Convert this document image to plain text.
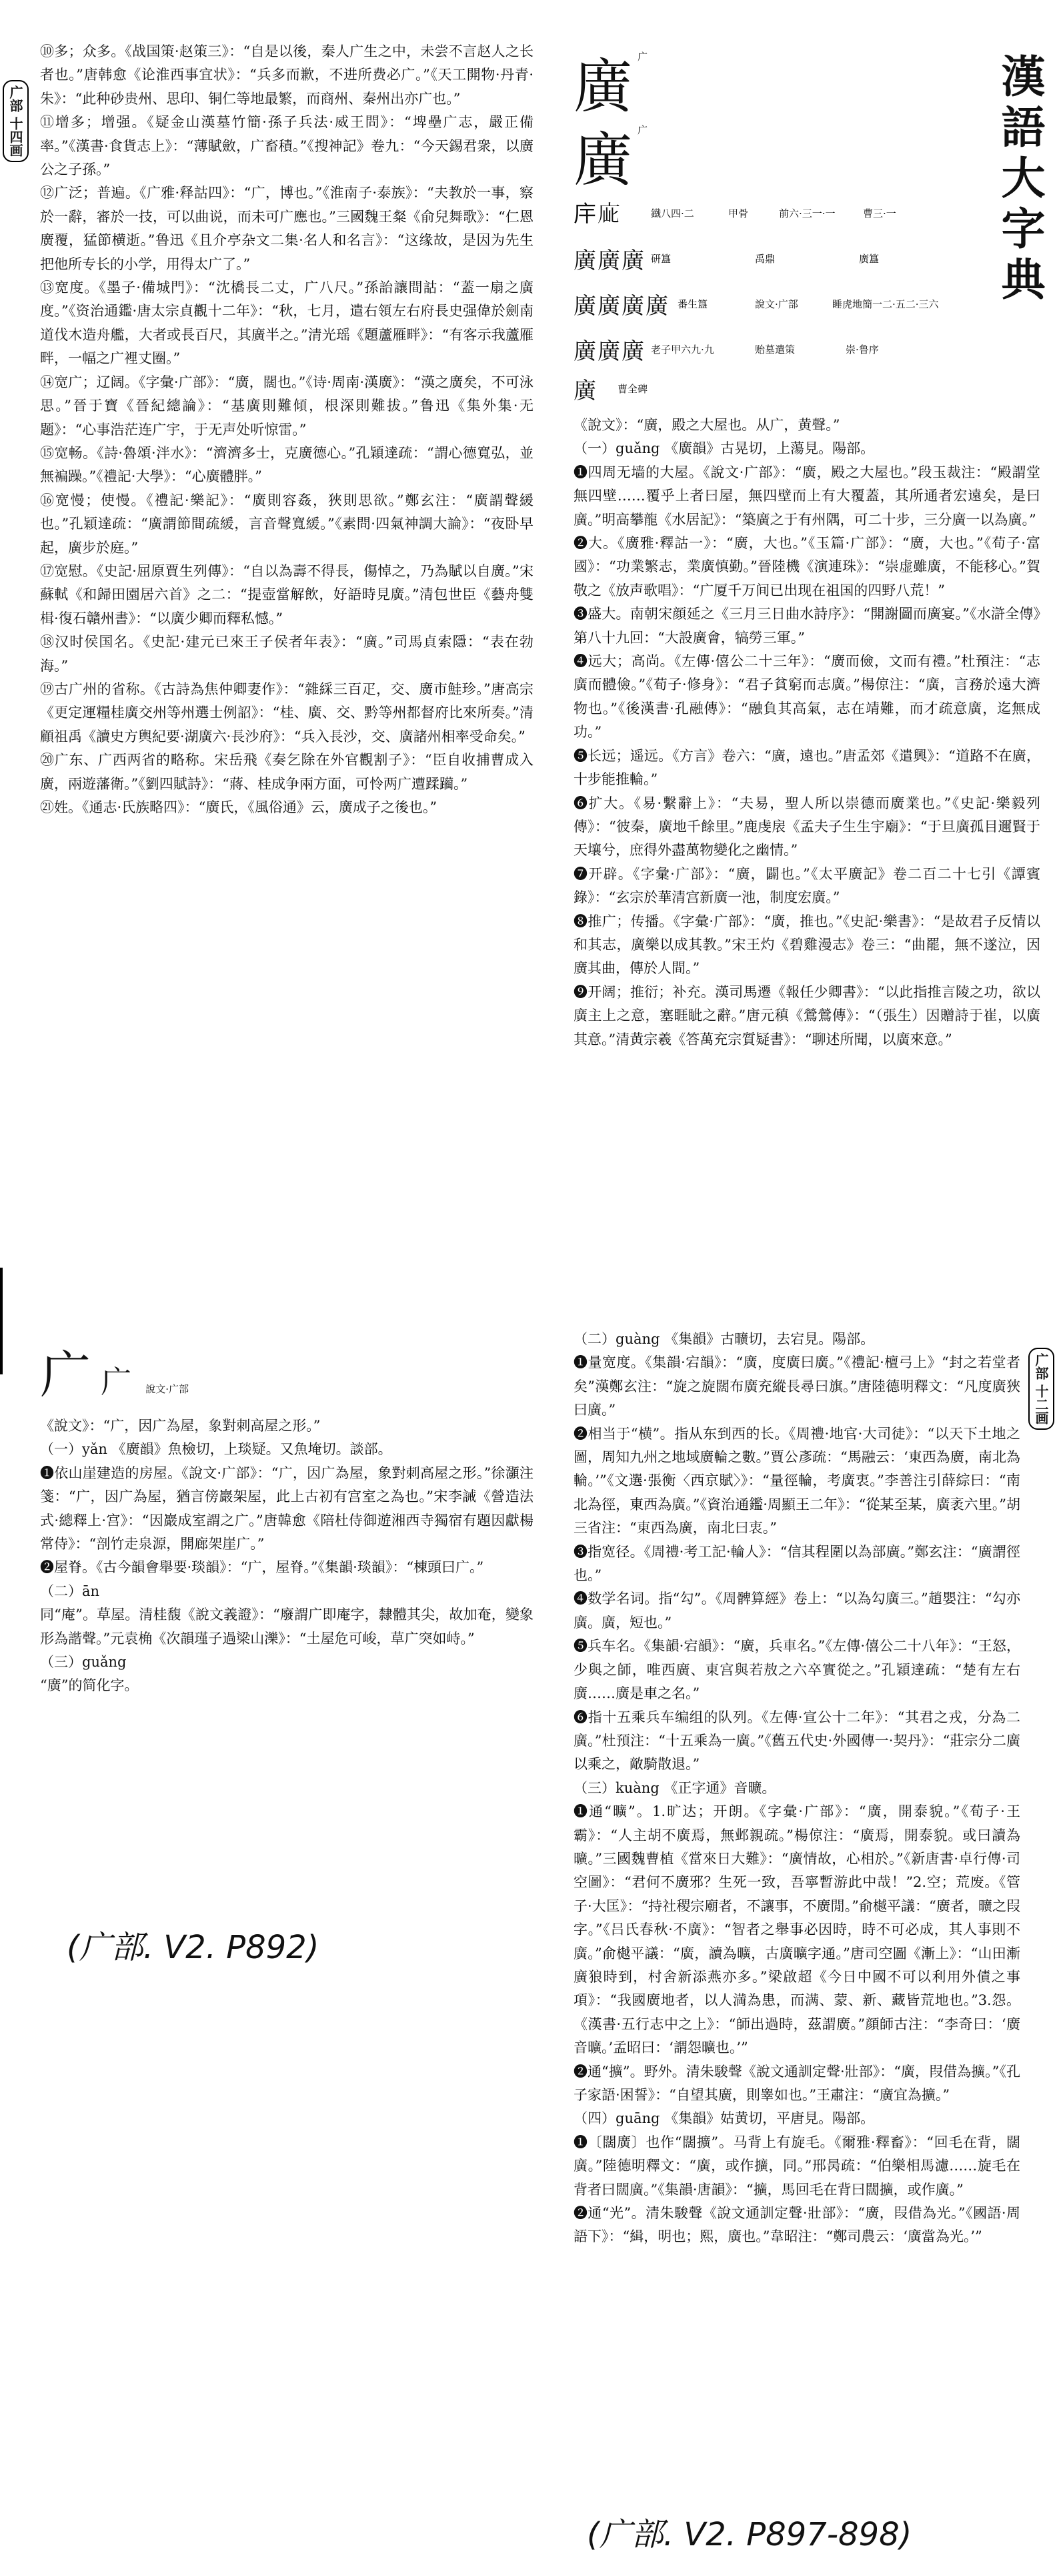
广部 十四画

⑩多；众多。《战国策·赵策三》：“自是以後，秦人广生之中，未尝不言赵人之长者也。”唐韩愈《论淮西事宜状》：“兵多而歉，不进所费必广。”《天工開物·丹青·朱》：“此种砂贵州、思印、铜仁等地最繁，而商州、秦州出亦广也。”

⑪增多；增强。《疑金山漢墓竹簡·孫子兵法·威王問》：“埤壘广志，嚴正備率。”《漢書·食貨志上》：“薄賦斂，广畜積。”《搜神記》卷九：“今天錫君衆，以廣公之子孫。”

⑫广泛；普遍。《广雅·释詁四》：“广，博也。”《淮南子·泰族》：“夫教於一事，察於一辭，審於一技，可以曲说，而未可广應也。”三國魏王粲《俞兒舞歌》：“仁恩廣覆，猛節横逝。”鲁迅《且介亭杂文二集·名人和名言》：“这缘故，是因为先生把他所专长的小学，用得太广了。”

⑬宽度。《墨子·備城門》：“沈橋長二丈，广八尺。”孫詒讓間詁：“蓋一扇之廣度。”《资治通鑑·唐太宗貞觀十二年》：“秋，七月，遣右領左右府長史强偉於劍南道伐木造舟艦，大者或長百尺，其廣半之。”清光瑶《題蘆雁畔》：“有客示我蘆雁畔，一幅之广裡丈圈。”

⑭宽广；辽阔。《字彙·广部》：“廣，闊也。”《诗·周南·漢廣》：“漢之廣矣，不可泳思。”晉于寶《晉紀總論》：“基廣則難傾，根深則難拔。”鲁迅《集外集·无题》：“心事浩茫连广宇，于无声处听惊雷。”

⑮宽畅。《詩·魯頌·泮水》：“濟濟多士，克廣德心。”孔穎達疏：“謂心德寬弘，並無褊躁。”《禮記·大學》：“心廣體胖。”

⑯宽慢；使慢。《禮記·樂記》：“廣則容姦，狹則思欲。”鄭玄注：“廣謂聲緩也。”孔穎達疏：“廣謂節間疏緩，言音聲寬緩。”《素問·四氣神調大論》：“夜卧早起，廣步於庭。”

⑰宽慰。《史記·屈原賈生列傳》：“自以為壽不得長，傷悼之，乃為賦以自廣。”宋蘇軾《和歸田園居六首》之二：“提壺當解飲，好語時見廣。”清包世臣《藝舟雙楫·復石贛州書》：“以廣少卿而釋私憾。”

⑱汉时侯国名。《史記·建元已來王子侯者年表》：“廣。”司馬貞索隱：“表在勃海。”

⑲古广州的省称。《古詩為焦仲卿妻作》：“雜綵三百疋，交、廣市鮭珍。”唐高宗《更定運糧桂廣交州等州選士例詔》：“桂、廣、交、黔等州都督府比來所奏。”清顧祖禹《讀史方輿紀要·湖廣六·長沙府》：“兵入長沙，交、廣諸州相率受命矣。”

⑳广东、广西两省的略称。宋岳飛《奏乞除在外官觀割子》：“臣自收捕曹成入廣，兩遊藩衛。”《劉四賦詩》：“蔣、桂成争兩方面，可怜两广遭蹂躏。”

㉑姓。《通志·氏族略四》：“廣氏，《風俗通》云，廣成子之後也。”

漢語大字典
廣 广
廣 广
𢇛𢈃	鐵八四·二	甲骨	前六·三一·一	曹三·一
廣廣廣 研簋	禹鼎	廣簋
廣廣廣廣 番生簋	說文·广部	睡虎地簡一二·五二·三六
廣廣廣 老子甲六九·九	贻墓遣策	崇·鲁序
廣	曹全碑

《說文》：“廣，殿之大屋也。从广，黄聲。”

（一）guǎng 《廣韻》古晃切，上蕩見。陽部。

❶四周无墙的大屋。《說文·广部》：“廣，殿之大屋也。”段玉裁注：“殿謂堂無四壁……覆乎上者曰屋，無四壁而上有大覆蓋，其所通者宏遠矣，是曰廣。”明高攀龍《水居記》：“築廣之于有州隅，可二十步，三分廣一以為廣。”

❷大。《廣雅·釋詁一》：“廣，大也。”《玉篇·广部》：“廣，大也。”《荀子·富國》：“功業繁志，業廣慎勤。”晉陸機《演連珠》：“崇虚雖廣，不能移心。”賀敬之《放声歌唱》：“广厦千万间已出现在祖国的四野八荒！”

❸盛大。南朝宋顔延之《三月三日曲水詩序》：“開謝圖而廣宴。”《水滸全傳》第八十九回：“大設廣會，犒勞三軍。”

❹远大；高尚。《左傳·僖公二十三年》：“廣而儉，文而有禮。”杜預注：“志廣而體儉。”《荀子·修身》：“君子貧窮而志廣。”楊倞注：“廣，言務於遠大濟物也。”《後漢書·孔融傳》：“融負其高氣，志在靖難，而才疏意廣，迄無成功。”

❺长远；遥远。《方言》卷六：“廣，遠也。”唐孟郊《遣興》：“道路不在廣，十步能推輪。”

❻扩大。《易·繫辭上》：“夫易，聖人所以崇德而廣業也。”《史記·樂毅列傳》：“彼秦，廣地千餘里。”鹿虔扆《孟夫子生生宇廟》：“于旦廣孤目邇賢于天壤兮，庶得外盡萬物變化之幽情。”

❼开辟。《字彙·广部》：“廣，闢也。”《太平廣記》卷二百二十七引《譚賓錄》：“玄宗於華清宫新廣一池，制度宏廣。”

❽推广；传播。《字彙·广部》：“廣，推也。”《史記·樂書》：“是故君子反情以和其志，廣樂以成其教。”宋王灼《碧雞漫志》卷三：“曲罷，無不遂泣，因廣其曲，傳於人間。”

❾开阔；推衍；补充。漢司馬遷《報任少卿書》：“以此指推言陵之功，欲以廣主上之意，塞睚眦之辭。”唐元稹《鶯鶯傳》：“（張生）因贈詩于崔，以廣其意。”清黄宗羲《答萬充宗質疑書》：“聊述所聞，以廣來意。”

广 广 說文·广部

《說文》：“广，因广為屋，象對刺高屋之形。”

（一）yǎn 《廣韻》魚檢切，上琰疑。又魚埯切。談部。

❶依山崖建造的房屋。《說文·广部》：“广，因广為屋，象對刺高屋之形。”徐灝注箋：“广，因广為屋，猶言傍巖架屋，此上古初有宫室之為也。”宋李誡《營造法式·總釋上·宫》：“因巖成室謂之广。”唐韓愈《陪杜侍御遊湘西寺獨宿有題因獻楊常侍》：“剖竹走泉源，開廊架崖广。”

❷屋脊。《古今韻會舉要·琰韻》：“广，屋脊。”《集韻·琰韻》：“棟頭曰广。”

（二）ān

同“庵”。草屋。清桂馥《說文義證》：“廢謂广即庵字，隸體其尖，故加奄，變象形為諧聲。”元袁桷《次韻瑾子過梁山濼》：“土屋危可峻，草广突如峙。”

（三）guǎng

“廣”的简化字。

(广部. V2. P892)
广部 十二画

（二）guàng 《集韻》古曠切，去宕見。陽部。

❶量宽度。《集韻·宕韻》：“廣，度廣曰廣。”《禮記·檀弓上》“封之若堂者矣”漢鄭玄注：“旋之旋闊布廣充縱長尋曰旗。”唐陸德明釋文：“凡度廣狹曰廣。”

❷相当于“横”。指从东到西的长。《周禮·地官·大司徒》：“以天下土地之圖，周知九州之地域廣輪之數。”賈公彥疏：“馬融云：‘東西為廣，南北為輪。’”《文選·張衡〈西京賦〉》：“量徑輪，考廣衷。”李善注引薛綜曰：“南北為徑，東西為廣。”《資治通鑑·周顯王二年》：“從某至某，廣袤六里。”胡三省注：“東西為廣，南北曰衷。”

❸指宽径。《周禮·考工記·輪人》：“信其程圍以為部廣。”鄭玄注：“廣謂徑也。”

❹数学名词。指“勾”。《周髀算經》卷上：“以為勾廣三。”趙嬰注：“勾亦廣。廣，短也。”

❺兵车名。《集韻·宕韻》：“廣，兵車名。”《左傳·僖公二十八年》：“王怒，少與之師，唯西廣、東宫與若敖之六卒實從之。”孔穎達疏：“楚有左右廣……廣是車之名。”

❻指十五乘兵车编组的队列。《左傳·宣公十二年》：“其君之戎，分為二廣。”杜預注：“十五乘為一廣。”《舊五代史·外國傳一·契丹》：“莊宗分二廣以乘之，敵騎散退。”

（三）kuàng 《正字通》音曠。

❶通“曠”。1.旷达；开朗。《字彙·广部》：“廣，開泰貌。”《荀子·王霸》：“人主胡不廣焉，無邺親疏。”楊倞注：“廣焉，開泰貌。或曰讀為曠。”三國魏曹植《當來日大難》：“廣情故，心相於。”《新唐書·卓行傳·司空圖》：“君何不廣邪？生死一致，吾寧暫游此中哉！”2.空；荒废。《管子·大匡》：“持社稷宗廟者，不讓事，不廣閒。”俞樾平議：“廣者，曠之叚字。”《吕氏春秋·不廣》：“智者之舉事必因時，時不可必成，其人事則不廣。”俞樾平議：“廣，讀為曠，古廣曠字通。”唐司空圖《漸上》：“山田漸廣狼時到，村舍新添燕亦多。”梁啟超《今日中國不可以利用外債之事項》：“我國廣地者，以人満為患，而满、蒙、新、藏皆荒地也。”3.怨。《漢書·五行志中之上》：“師出過時，茲謂廣。”顔師古注：“李奇曰：‘廣音曠。’孟昭曰：‘謂怨曠也。’”

❷通“擴”。野外。清朱駿聲《說文通訓定聲·壯部》：“廣，叚借為擴。”《孔子家語·困誓》：“自望其廣，則睾如也。”王肅注：“廣宜為擴。”

（四）guāng 《集韻》姑黄切，平唐見。陽部。

❶〔闊廣〕也作“闊擴”。马背上有旋毛。《爾雅·釋畜》：“回毛在背，闊廣。”陸德明釋文：“廣，或作擴，同。”邢昺疏：“伯樂相馬濾……旋毛在背者曰闊廣。”《集韻·唐韻》：“擴，馬回毛在背曰闊擴，或作廣。”

❷通“光”。清朱駿聲《說文通訓定聲·壯部》：“廣，叚借為光。”《國語·周語下》：“緝，明也；熙，廣也。”韋昭注：“鄭司農云：‘廣當為光。’”

(广部. V2. P897-898)
